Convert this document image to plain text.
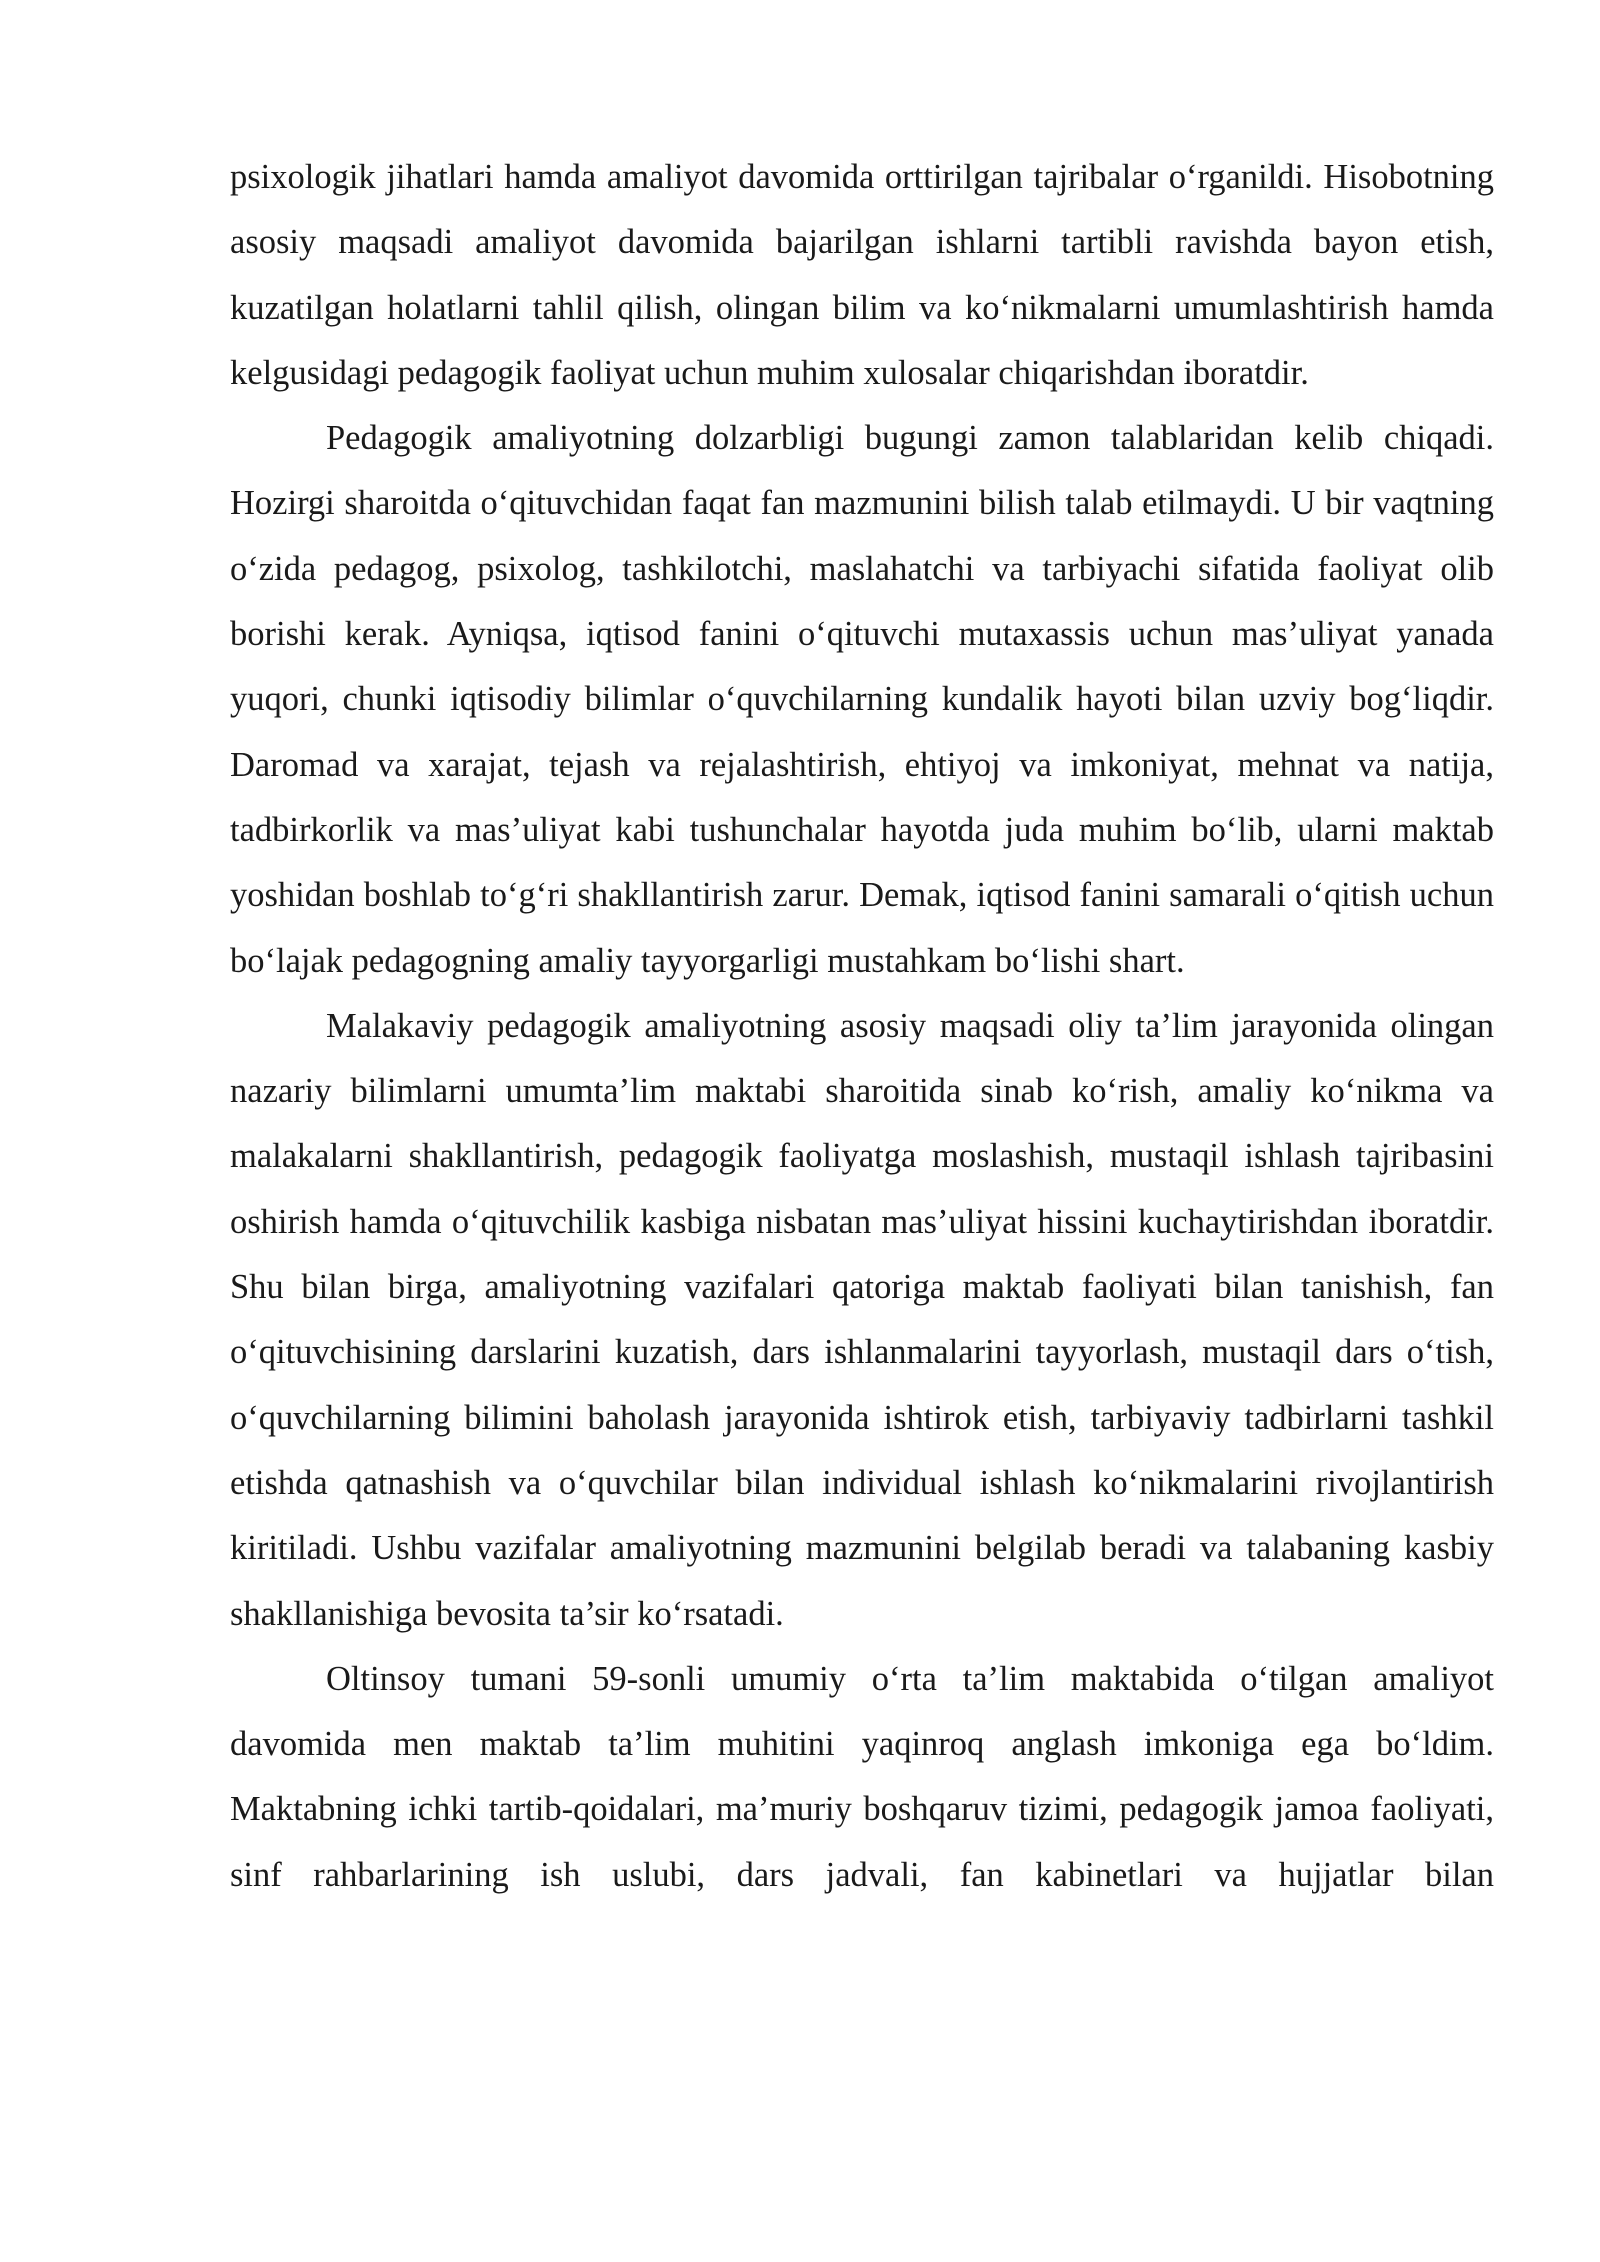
psixologik jihatlari hamda amaliyot davomida orttirilgan tajribalar o‘rganildi. Hisobotning asosiy maqsadi amaliyot davomida bajarilgan ishlarni tartibli ravishda bayon etish, kuzatilgan holatlarni tahlil qilish, olingan bilim va ko‘nikmalarni umumlashtirish hamda kelgusidagi pedagogik faoliyat uchun muhim xulosalar chiqarishdan iboratdir.

Pedagogik amaliyotning dolzarbligi bugungi zamon talablaridan kelib chiqadi. Hozirgi sharoitda o‘qituvchidan faqat fan mazmunini bilish talab etilmaydi. U bir vaqtning o‘zida pedagog, psixolog, tashkilotchi, maslahatchi va tarbiyachi sifatida faoliyat olib borishi kerak. Ayniqsa, iqtisod fanini o‘qituvchi mutaxassis uchun mas’uliyat yanada yuqori, chunki iqtisodiy bilimlar o‘quvchilarning kundalik hayoti bilan uzviy bog‘liqdir. Daromad va xarajat, tejash va rejalashtirish, ehtiyoj va imkoniyat, mehnat va natija, tadbirkorlik va mas’uliyat kabi tushunchalar hayotda juda muhim bo‘lib, ularni maktab yoshidan boshlab to‘g‘ri shakllantirish zarur. Demak, iqtisod fanini samarali o‘qitish uchun bo‘lajak pedagogning amaliy tayyorgarligi mustahkam bo‘lishi shart.

Malakaviy pedagogik amaliyotning asosiy maqsadi oliy ta’lim jarayonida olingan nazariy bilimlarni umumta’lim maktabi sharoitida sinab ko‘rish, amaliy ko‘nikma va malakalarni shakllantirish, pedagogik faoliyatga moslashish, mustaqil ishlash tajribasini oshirish hamda o‘qituvchilik kasbiga nisbatan mas’uliyat hissini kuchaytirishdan iboratdir. Shu bilan birga, amaliyotning vazifalari qatoriga maktab faoliyati bilan tanishish, fan o‘qituvchisining darslarini kuzatish, dars ishlanmalarini tayyorlash, mustaqil dars o‘tish, o‘quvchilarning bilimini baholash jarayonida ishtirok etish, tarbiyaviy tadbirlarni tashkil etishda qatnashish va o‘quvchilar bilan individual ishlash ko‘nikmalarini rivojlantirish kiritiladi. Ushbu vazifalar amaliyotning mazmunini belgilab beradi va talabaning kasbiy shakllanishiga bevosita ta’sir ko‘rsatadi.

Oltinsoy tumani 59-sonli umumiy o‘rta ta’lim maktabida o‘tilgan amaliyot davomida men maktab ta’lim muhitini yaqinroq anglash imkoniga ega bo‘ldim. Maktabning ichki tartib-qoidalari, ma’muriy boshqaruv tizimi, pedagogik jamoa faoliyati, sinf rahbarlarining ish uslubi, dars jadvali, fan kabinetlari va hujjatlar bilan
